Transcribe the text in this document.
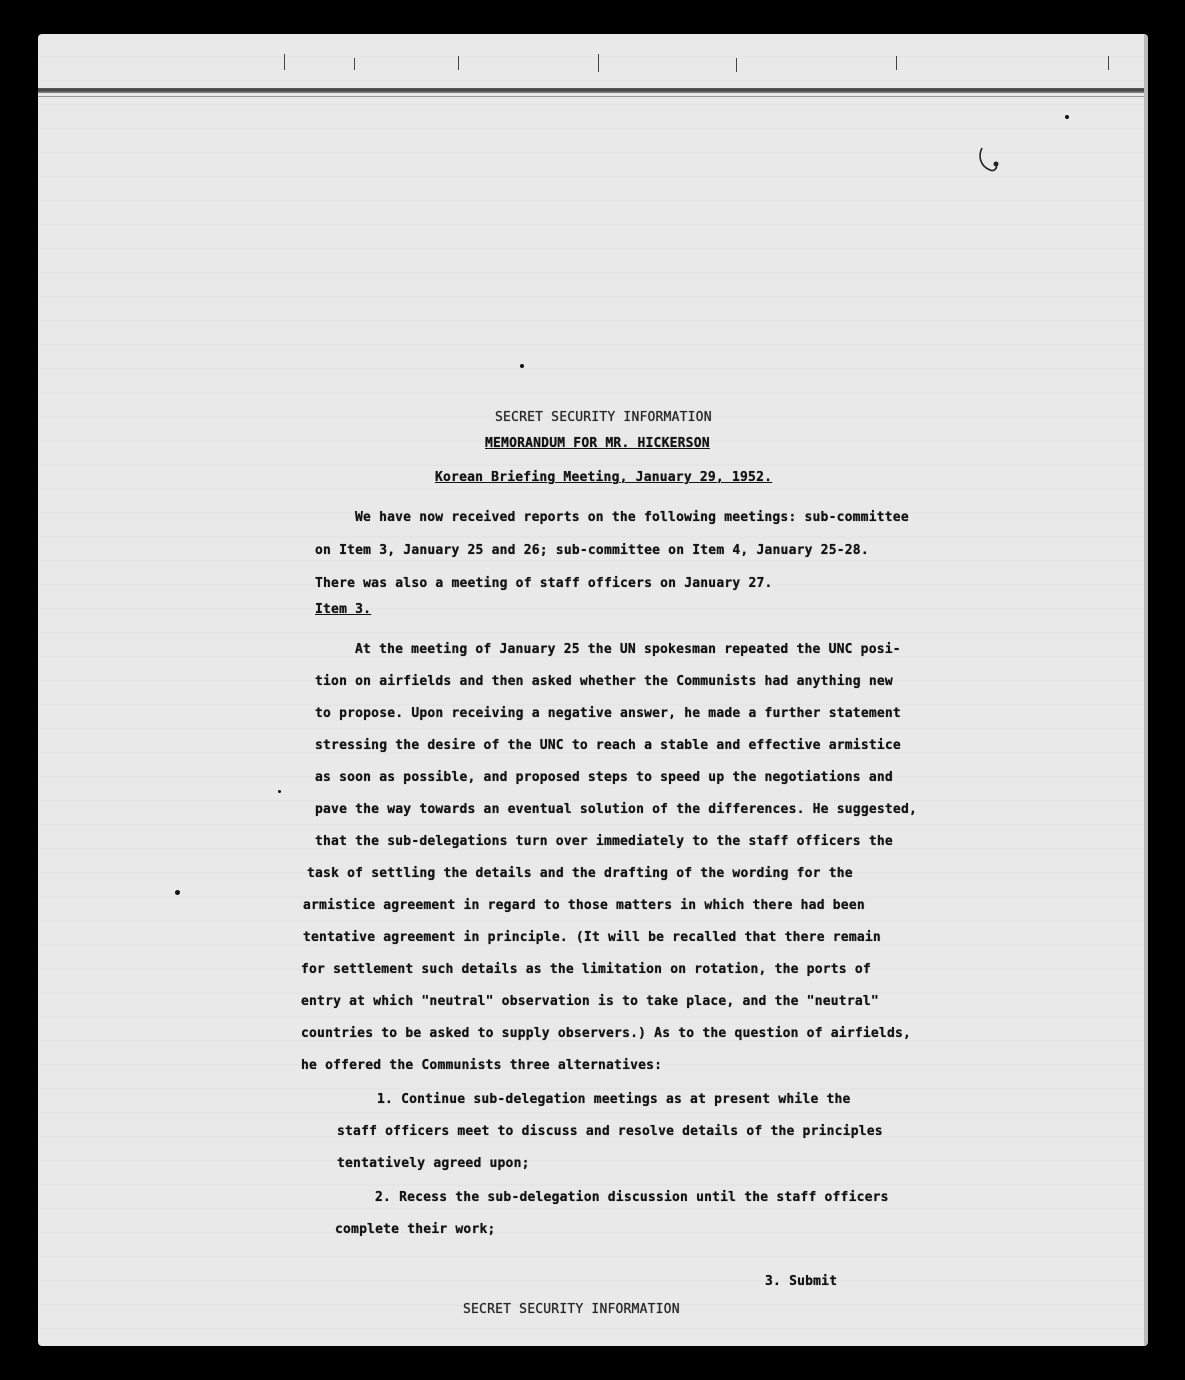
SECRET SECURITY INFORMATION
MEMORANDUM FOR MR. HICKERSON
Korean Briefing Meeting, January 29, 1952.
We have now received reports on the following meetings: sub-committee
on Item 3, January 25 and 26; sub-committee on Item 4, January 25-28.
There was also a meeting of staff officers on January 27.
Item 3.
At the meeting of January 25 the UN spokesman repeated the UNC posi-
tion on airfields and then asked whether the Communists had anything new
to propose. Upon receiving a negative answer, he made a further statement
stressing the desire of the UNC to reach a stable and effective armistice
as soon as possible, and proposed steps to speed up the negotiations and
pave the way towards an eventual solution of the differences. He suggested,
that the sub-delegations turn over immediately to the staff officers the
task of settling the details and the drafting of the wording for the
armistice agreement in regard to those matters in which there had been
tentative agreement in principle. (It will be recalled that there remain
for settlement such details as the limitation on rotation, the ports of
entry at which "neutral" observation is to take place, and the "neutral"
countries to be asked to supply observers.) As to the question of airfields,
he offered the Communists three alternatives:
1. Continue sub-delegation meetings as at present while the
staff officers meet to discuss and resolve details of the principles
tentatively agreed upon;
2. Recess the sub-delegation discussion until the staff officers
complete their work;
3. Submit
SECRET SECURITY INFORMATION
